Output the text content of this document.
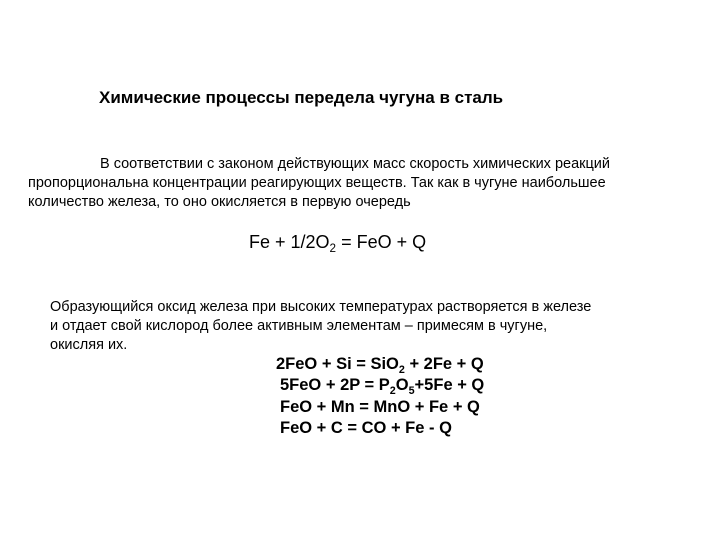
Химические процессы передела чугуна в сталь
В соответствии с законом действующих масс скорость химических реакций
пропорциональна концентрации реагирующих веществ. Так как в чугуне наибольшее
количество железа, то оно окисляется в первую очередь
$Fe + 1/2O_2$ = FeO + Q
Образующийся оксид железа при высоких температурах растворяется в железе
и отдает свой кислород более активным элементам – примесям в чугуне,
окисляя их.
2FeO + Si = SiO$_2$ + 2Fe + Q
$5FeO + 2P = P_2O_5+5Fe + Q$
FeO + Mn = MnO + Fe + Q
FeO + C = CO + Fe - Q
